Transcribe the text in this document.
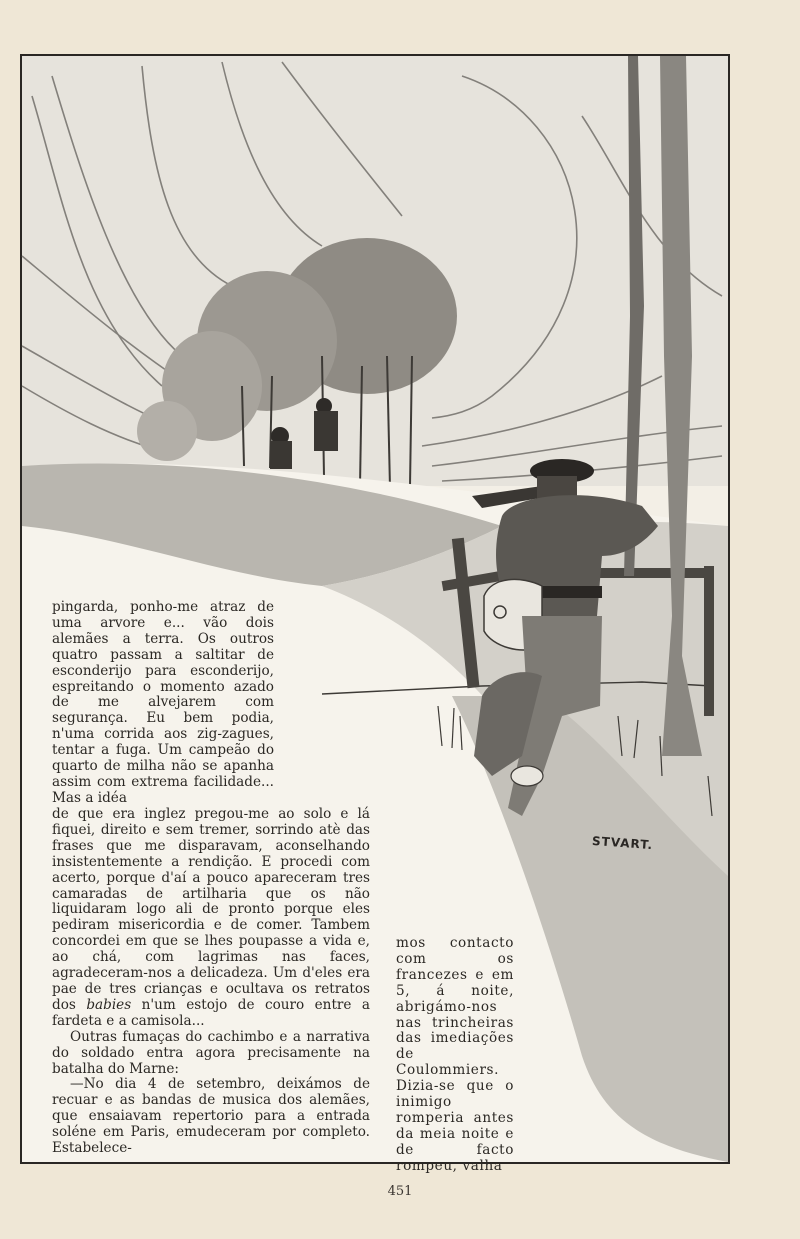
pingarda, ponho-me atraz de uma arvore e... vão dois alemães a terra. Os outros quatro passam a saltitar de esconderijo para esconderijo, espreitando o momento azado de me alvejarem com segurança. Eu bem podia, n'uma corrida aos zig-zagues, tentar a fuga. Um campeão do quarto de milha não se apanha assim com extrema facilidade... Mas a idéa

de que era inglez pregou-me ao solo e lá fiquei, direito e sem tremer, sorrindo atè das frases que me disparavam, aconselhando insistentemente a rendição. E procedi com acerto, porque d'aí a pouco apareceram tres camaradas de artilharia que os não liquidaram logo ali de pronto porque eles pediram misericordia e de comer. Tambem concordei em que se lhes poupasse a vida e, ao chá, com lagrimas nas faces, agradeceram-nos a delicadeza. Um d'eles era pae de tres crianças e ocultava os retratos dos babies n'um estojo de couro entre a fardeta e a camisola...

Outras fumaças do cachimbo e a narrativa do soldado entra agora precisamente na batalha do Marne:

—No dia 4 de setembro, deixámos de recuar e as bandas de musica dos alemães, que ensaiavam repertorio para a entrada soléne em Paris, emudeceram por completo. Estabelece-

mos contacto com os francezes e em 5, á noite, abrigámo-nos nas trincheiras das imediações de Coulommiers. Dizia-se que o inimigo romperia antes da meia noite e de facto rompeu, valha

STVART.
451
